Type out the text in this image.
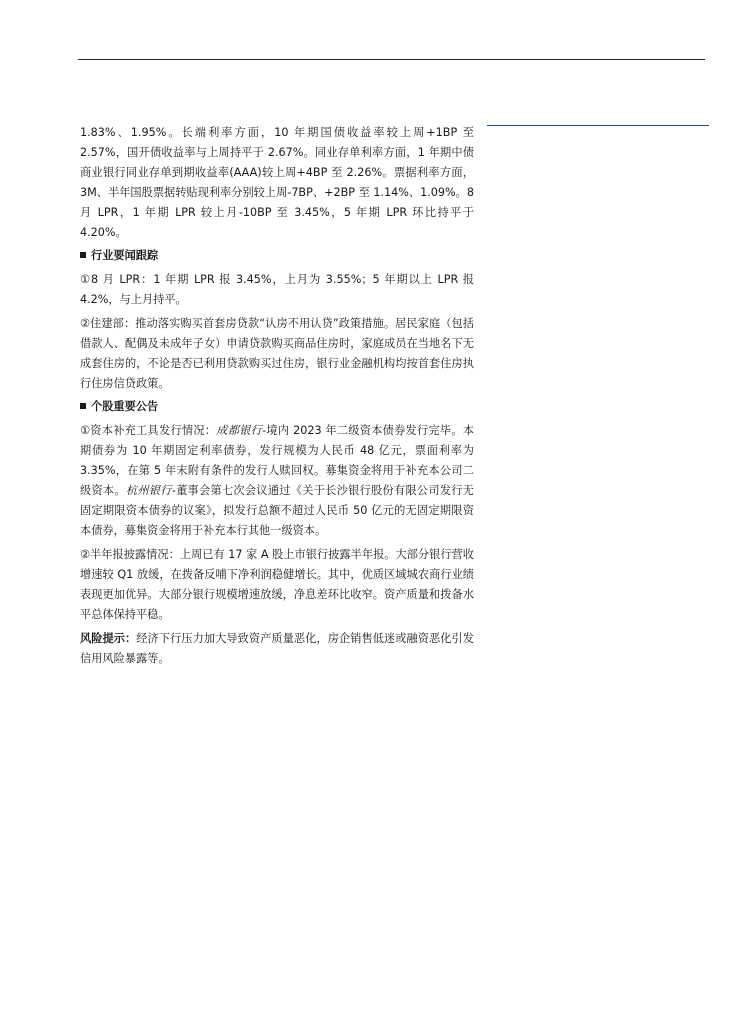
1.83%、1.95%。长端利率方面，10 年期国债收益率较上周+1BP 至 2.57%，国开债收益率与上周持平于 2.67%。同业存单利率方面，1 年期中债商业银行同业存单到期收益率(AAA)较上周+4BP 至 2.26%。票据利率方面，3M、半年国股票据转贴现利率分别较上周-7BP、+2BP 至 1.14%、1.09%。8 月 LPR，1 年期 LPR 较上月-10BP 至 3.45%，5 年期 LPR 环比持平于 4.20%。

行业要闻跟踪

①8 月 LPR：1 年期 LPR 报 3.45%，上月为 3.55%；5 年期以上 LPR 报 4.2%，与上月持平。

②住建部：推动落实购买首套房贷款“认房不用认贷”政策措施。居民家庭（包括借款人、配偶及未成年子女）申请贷款购买商品住房时，家庭成员在当地名下无成套住房的，不论是否已利用贷款购买过住房，银行业金融机构均按首套住房执行住房信贷政策。

个股重要公告

①资本补充工具发行情况：成都银行-境内 2023 年二级资本债券发行完毕。本期债券为 10 年期固定利率债券，发行规模为人民币 48 亿元，票面利率为 3.35%，在第 5 年末附有条件的发行人赎回权。募集资金将用于补充本公司二级资本。杭州银行-董事会第七次会议通过《关于长沙银行股份有限公司发行无固定期限资本债券的议案》，拟发行总额不超过人民币 50 亿元的无固定期限资本债券，募集资金将用于补充本行其他一级资本。

②半年报披露情况：上周已有 17 家 A 股上市银行披露半年报。大部分银行营收增速较 Q1 放缓，在拨备反哺下净利润稳健增长。其中，优质区域城农商行业绩表现更加优异。大部分银行规模增速放缓，净息差环比收窄。资产质量和拨备水平总体保持平稳。

风险提示：经济下行压力加大导致资产质量恶化，房企销售低迷或融资恶化引发信用风险暴露等。
